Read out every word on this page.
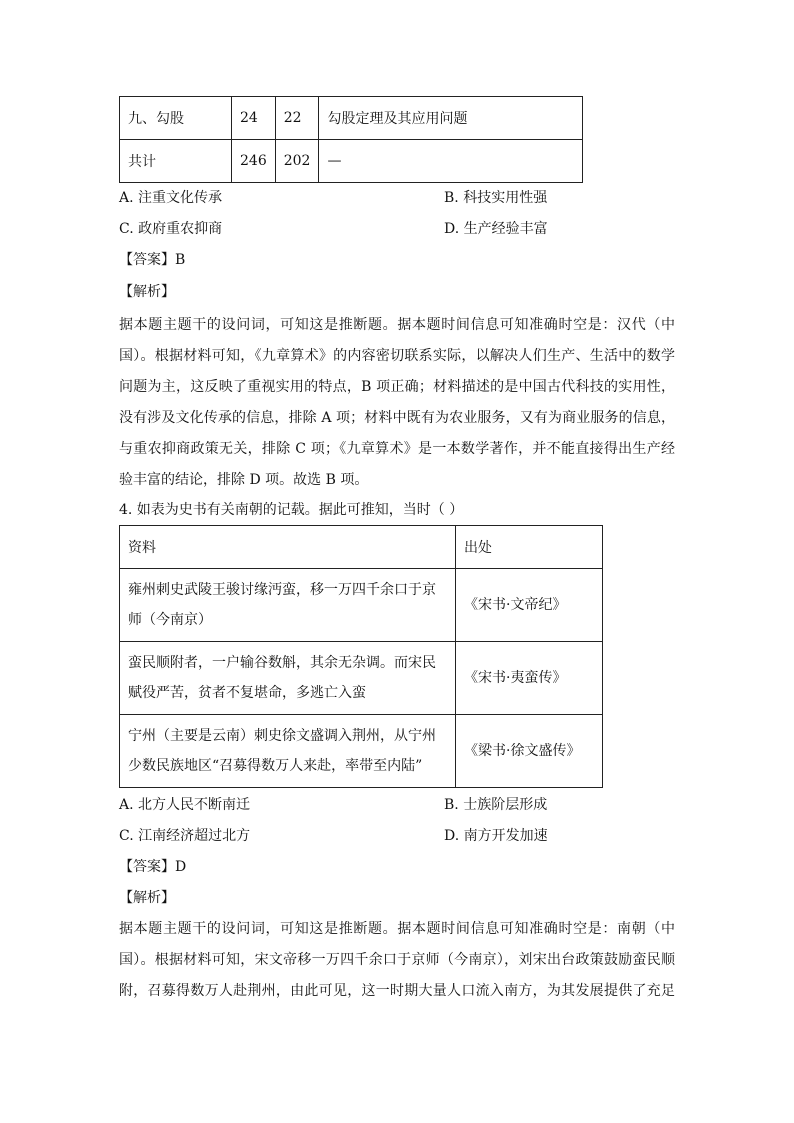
九、勾股	24	22	勾股定理及其应用问题
共计	246	202	—
A. 注重文化传承	B. 科技实用性强
C. 政府重农抑商	D. 生产经验丰富
【答案】B
【解析】
据本题主题干的设问词，可知这是推断题。据本题时间信息可知准确时空是：汉代（中
国）。根据材料可知，《九章算术》的内容密切联系实际，以解决人们生产、生活中的数学
问题为主，这反映了重视实用的特点，B 项正确；材料描述的是中国古代科技的实用性，
没有涉及文化传承的信息，排除 A 项；材料中既有为农业服务，又有为商业服务的信息，
与重农抑商政策无关，排除 C 项；《九章算术》是一本数学著作，并不能直接得出生产经
验丰富的结论，排除 D 项。故选 B 项。
4. 如表为史书有关南朝的记载。据此可推知，当时（ ）
资料	出处

雍州刺史武陵王骏讨缘沔蛮，移一万四千余口于京
师（今南京）	《宋书·文帝纪》

蛮民顺附者，一户输谷数斛，其余无杂调。而宋民
赋役严苦，贫者不复堪命，多逃亡入蛮	《宋书·夷蛮传》

宁州（主要是云南）刺史徐文盛调入荆州，从宁州
少数民族地区“召募得数万人来赴，率带至内陆”	《梁书·徐文盛传》
A. 北方人民不断南迁	B. 士族阶层形成
C. 江南经济超过北方	D. 南方开发加速
【答案】D
【解析】
据本题主题干的设问词，可知这是推断题。据本题时间信息可知准确时空是：南朝（中
国）。根据材料可知，宋文帝移一万四千余口于京师（今南京），刘宋出台政策鼓励蛮民顺
附，召募得数万人赴荆州，由此可见，这一时期大量人口流入南方，为其发展提供了充足
